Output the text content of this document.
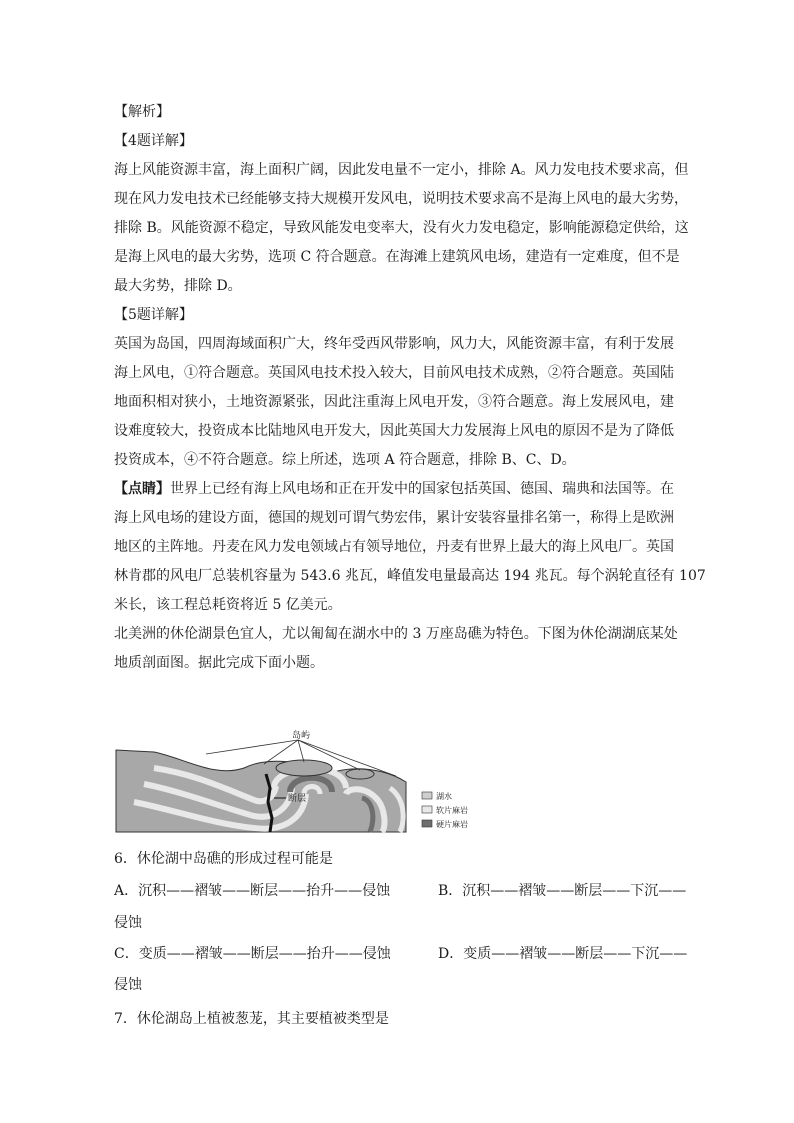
【解析】
【4题详解】
海上风能资源丰富，海上面积广阔，因此发电量不一定小，排除 A。风力发电技术要求高，但
现在风力发电技术已经能够支持大规模开发风电，说明技术要求高不是海上风电的最大劣势，
排除 B。风能资源不稳定，导致风能发电变率大，没有火力发电稳定，影响能源稳定供给，这
是海上风电的最大劣势，选项 C 符合题意。在海滩上建筑风电场，建造有一定难度，但不是
最大劣势，排除 D。
【5题详解】
英国为岛国，四周海域面积广大，终年受西风带影响，风力大，风能资源丰富，有利于发展
海上风电，①符合题意。英国风电技术投入较大，目前风电技术成熟，②符合题意。英国陆
地面积相对狭小，土地资源紧张，因此注重海上风电开发，③符合题意。海上发展风电，建
设难度较大，投资成本比陆地风电开发大，因此英国大力发展海上风电的原因不是为了降低
投资成本，④不符合题意。综上所述，选项 A 符合题意，排除 B、C、D。
【点睛】世界上已经有海上风电场和正在开发中的国家包括英国、德国、瑞典和法国等。在
海上风电场的建设方面，德国的规划可谓气势宏伟，累计安装容量排名第一，称得上是欧洲
地区的主阵地。丹麦在风力发电领域占有领导地位，丹麦有世界上最大的海上风电厂。英国
林肯郡的风电厂总装机容量为 543.6 兆瓦，峰值发电量最高达 194 兆瓦。每个涡轮直径有 107
米长，该工程总耗资将近 5 亿美元。
北美洲的休伦湖景色宜人，尤以匍匐在湖水中的 3 万座岛礁为特色。下图为休伦湖湖底某处
地质剖面图。据此完成下面小题。
岛屿
断层	湖水
软片麻岩
硬片麻岩
6．休伦湖中岛礁的形成过程可能是
A．沉积——褶皱——断层——抬升——侵蚀	B．沉积——褶皱——断层——下沉——
侵蚀
C．变质——褶皱——断层——抬升——侵蚀	D．变质——褶皱——断层——下沉——
侵蚀
7．休伦湖岛上植被葱茏，其主要植被类型是
